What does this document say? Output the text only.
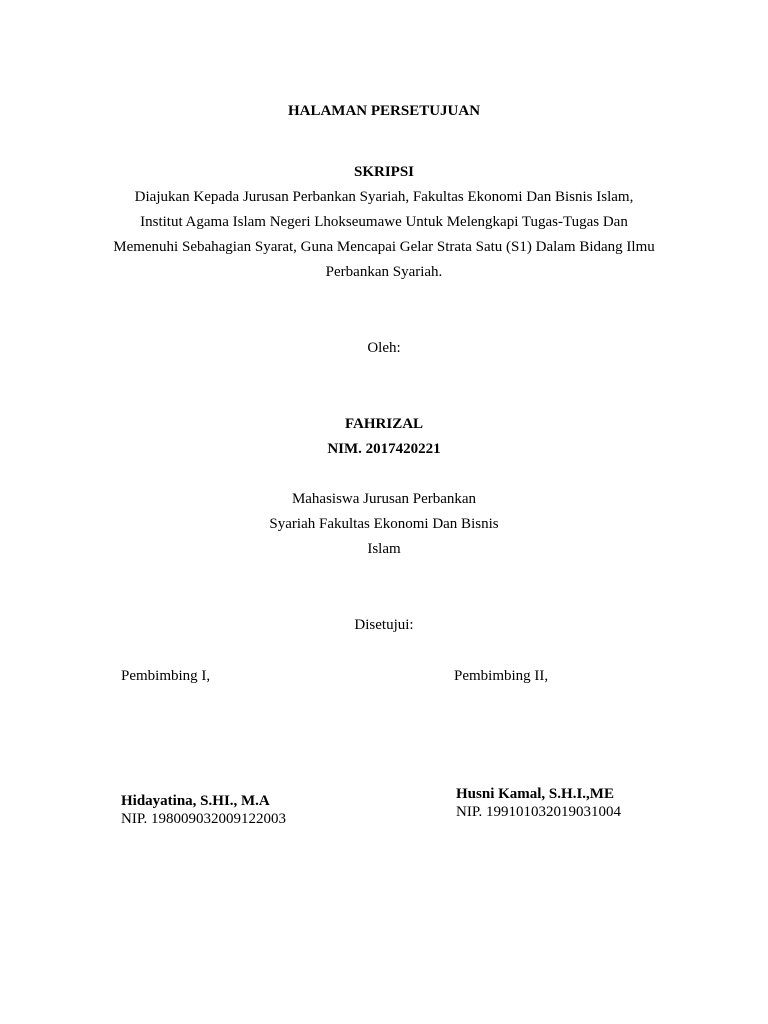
HALAMAN PERSETUJUAN
SKRIPSI
Diajukan Kepada Jurusan Perbankan Syariah, Fakultas Ekonomi Dan Bisnis Islam,
Institut Agama Islam Negeri Lhokseumawe Untuk Melengkapi Tugas-Tugas Dan
Memenuhi Sebahagian Syarat, Guna Mencapai Gelar Strata Satu (S1) Dalam Bidang Ilmu
Perbankan Syariah.
Oleh:
FAHRIZAL
NIM. 2017420221
Mahasiswa Jurusan Perbankan
Syariah Fakultas Ekonomi Dan Bisnis
Islam
Disetujui:
Pembimbing I,	Pembimbing II,
Hidayatina, S.HI., M.A
NIP. 198009032009122003
Husni Kamal, S.H.I.,ME
NIP. 199101032019031004
